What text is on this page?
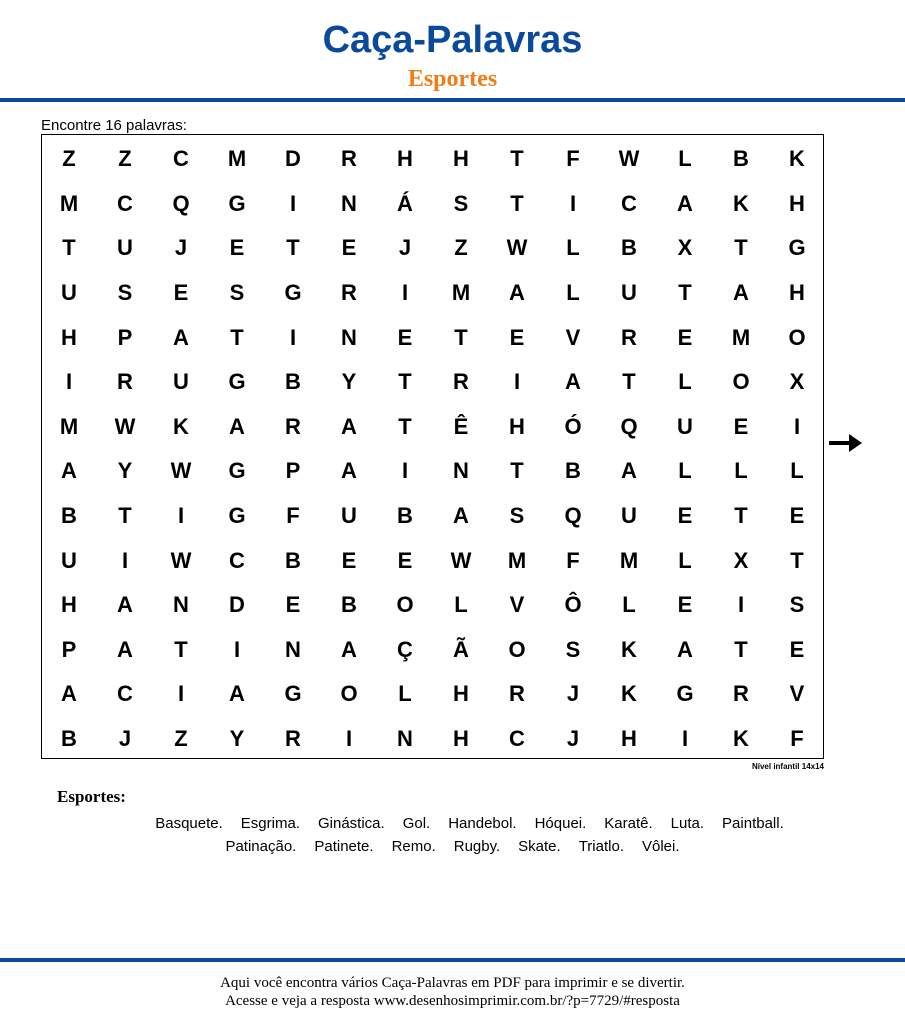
Caça-Palavras
Esportes
Encontre 16 palavras:
Z	Z	C	M	D	R	H	H	T	F	W	L	B	K
M	C	Q	G	I	N	Á	S	T	I	C	A	K	H
T	U	J	E	T	E	J	Z	W	L	B	X	T	G
U	S	E	S	G	R	I	M	A	L	U	T	A	H
H	P	A	T	I	N	E	T	E	V	R	E	M	O
I	R	U	G	B	Y	T	R	I	A	T	L	O	X
M	W	K	A	R	A	T	Ê	H	Ó	Q	U	E	I
A	Y	W	G	P	A	I	N	T	B	A	L	L	L
B	T	I	G	F	U	B	A	S	Q	U	E	T	E
U	I	W	C	B	E	E	W	M	F	M	L	X	T
H	A	N	D	E	B	O	L	V	Ô	L	E	I	S
P	A	T	I	N	A	Ç	Ã	O	S	K	A	T	E
A	C	I	A	G	O	L	H	R	J	K	G	R	V
B	J	Z	Y	R	I	N	H	C	J	H	I	K	F
Nível infantil 14x14
Esportes:
Basquete. Esgrima. Ginástica. Gol. Handebol. Hóquei. Karatê. Luta. Paintball.
Patinação. Patinete. Remo. Rugby. Skate. Triatlo. Vôlei.
Aqui você encontra vários Caça-Palavras em PDF para imprimir e se divertir.
Acesse e veja a resposta www.desenhosimprimir.com.br/?p=7729/#resposta
